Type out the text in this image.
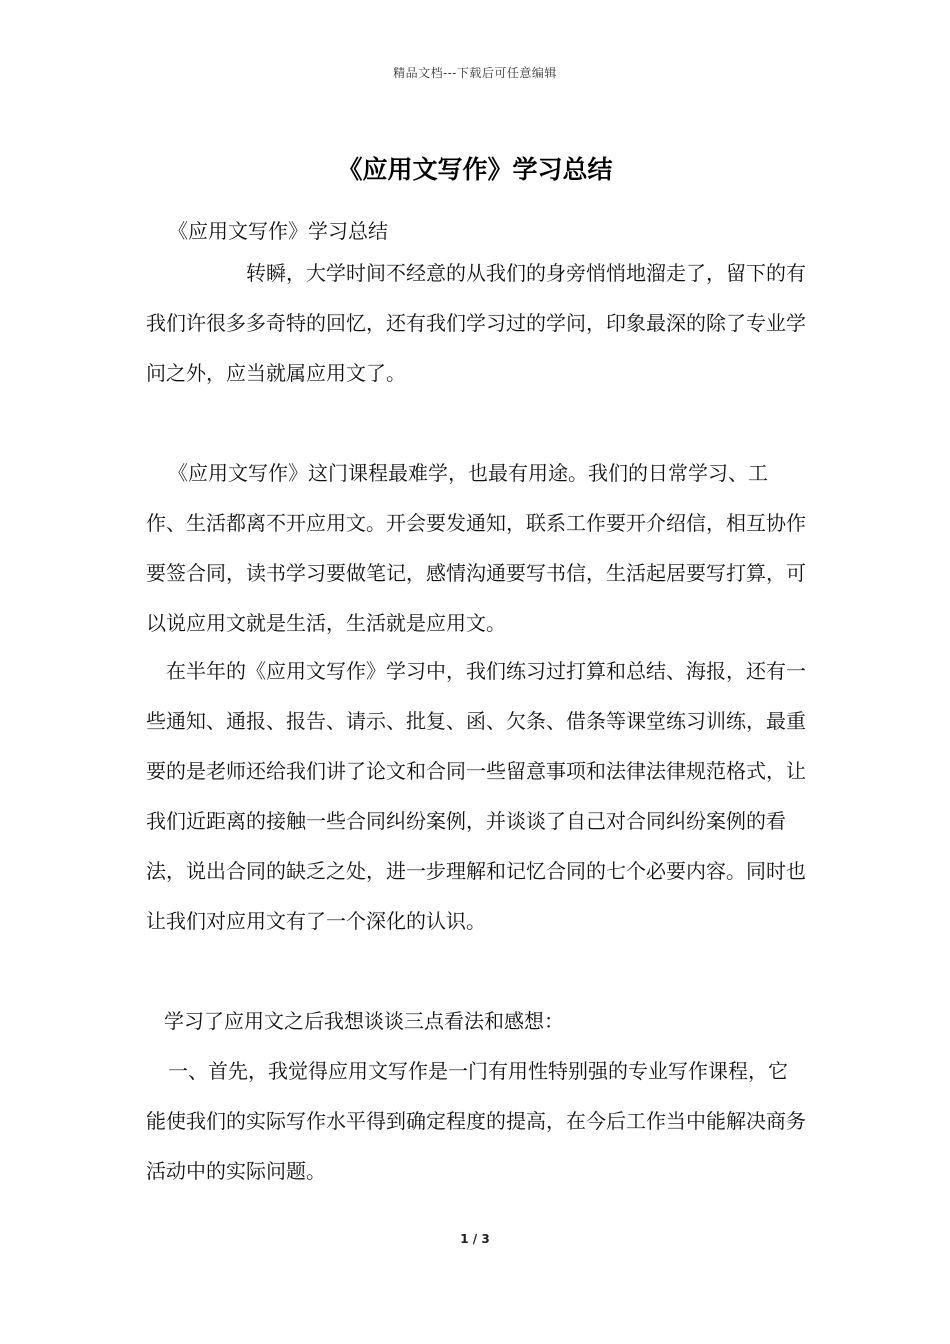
精品文档---下载后可任意编辑
《应用文写作》学习总结

《应用文写作》学习总结

转瞬，大学时间不经意的从我们的身旁悄悄地溜走了，留下的有我们许很多多奇特的回忆，还有我们学习过的学问，印象最深的除了专业学问之外，应当就属应用文了。

《应用文写作》这门课程最难学，也最有用途。我们的日常学习、工作、生活都离不开应用文。开会要发通知，联系工作要开介绍信，相互协作要签合同，读书学习要做笔记，感情沟通要写书信，生活起居要写打算，可以说应用文就是生活，生活就是应用文。

在半年的《应用文写作》学习中，我们练习过打算和总结、海报，还有一些通知、通报、报告、请示、批复、函、欠条、借条等课堂练习训练，最重要的是老师还给我们讲了论文和合同一些留意事项和法律法律规范格式，让我们近距离的接触一些合同纠纷案例，并谈谈了自己对合同纠纷案例的看法，说出合同的缺乏之处，进一步理解和记忆合同的七个必要内容。同时也让我们对应用文有了一个深化的认识。

学习了应用文之后我想谈谈三点看法和感想：

一、首先，我觉得应用文写作是一门有用性特别强的专业写作课程，它能使我们的实际写作水平得到确定程度的提高，在今后工作当中能解决商务活动中的实际问题。

1 / 3
